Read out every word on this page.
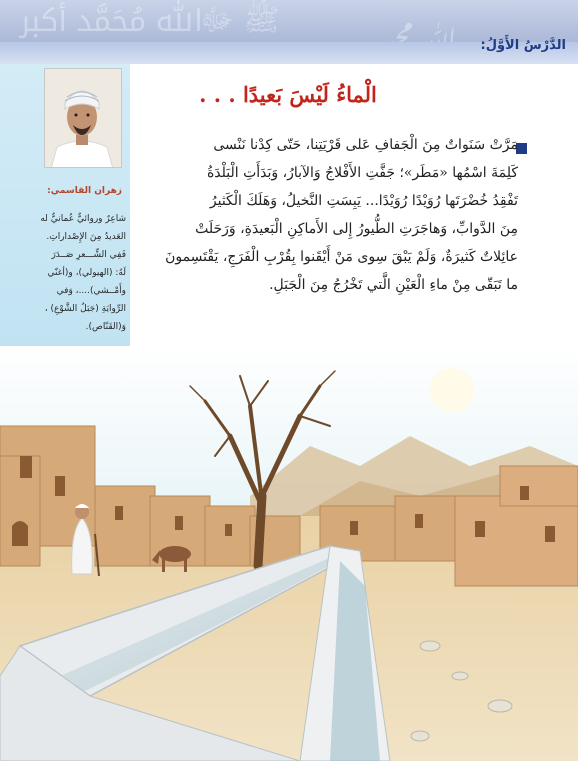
ﷲ ﷴ ﷳ
ﷺ ﷻ
الدَّرْسُ الأَوَّلُ:
زهران القاسمي:
شاعِرٌ وروائيٌّ عُمانيٌّ له
العَديدُ مِنَ الإِصْداراتِ.
فَفِي الشِّـــعرِ صَــدَرَ
لَهُ: (الهيولي)، و(أغنّي
وأَمْــشي)....، وَفي
الرِّوايَةِ (جَبَلُ الشَّوْعِ) ،
وَ(القَنّاص).
الْماءُ لَيْسَ بَعيدًا . . .
مَرَّتْ سَنَواتٌ مِنَ الْجَفافِ عَلى قَرْيَتِنا، حَتّى كِدْنا نَنْسى
كَلِمَةَ اسْمُها «مَطَر»؛ جَفَّتِ الأَفْلاجُ وَالآبارُ، وَبَدَأَتِ الْبَلْدَةُ
تَفْقِدُ خُضْرَتَها رُوَيْدًا رُوَيْدًا... يَبِسَتِ النَّخيلُ، وَهَلَكَ الْكَثيرُ
مِنَ الدَّوابِّ، وَهاجَرَتِ الطُّيورُ إِلى الأَماكِنِ الْبَعيدَةِ، وَرَحَلَتْ
عائِلاتٌ كَثيرَةٌ، وَلَمْ يَبْقَ سِوى مَنْ أَيْقَنوا بِقُرْبِ الْفَرَجِ، يَقْتَسِمونَ
ما تَبَقّى مِنْ ماءِ الْعَيْنِ الَّتي تَخْرُجُ مِنَ الْجَبَلِ.
